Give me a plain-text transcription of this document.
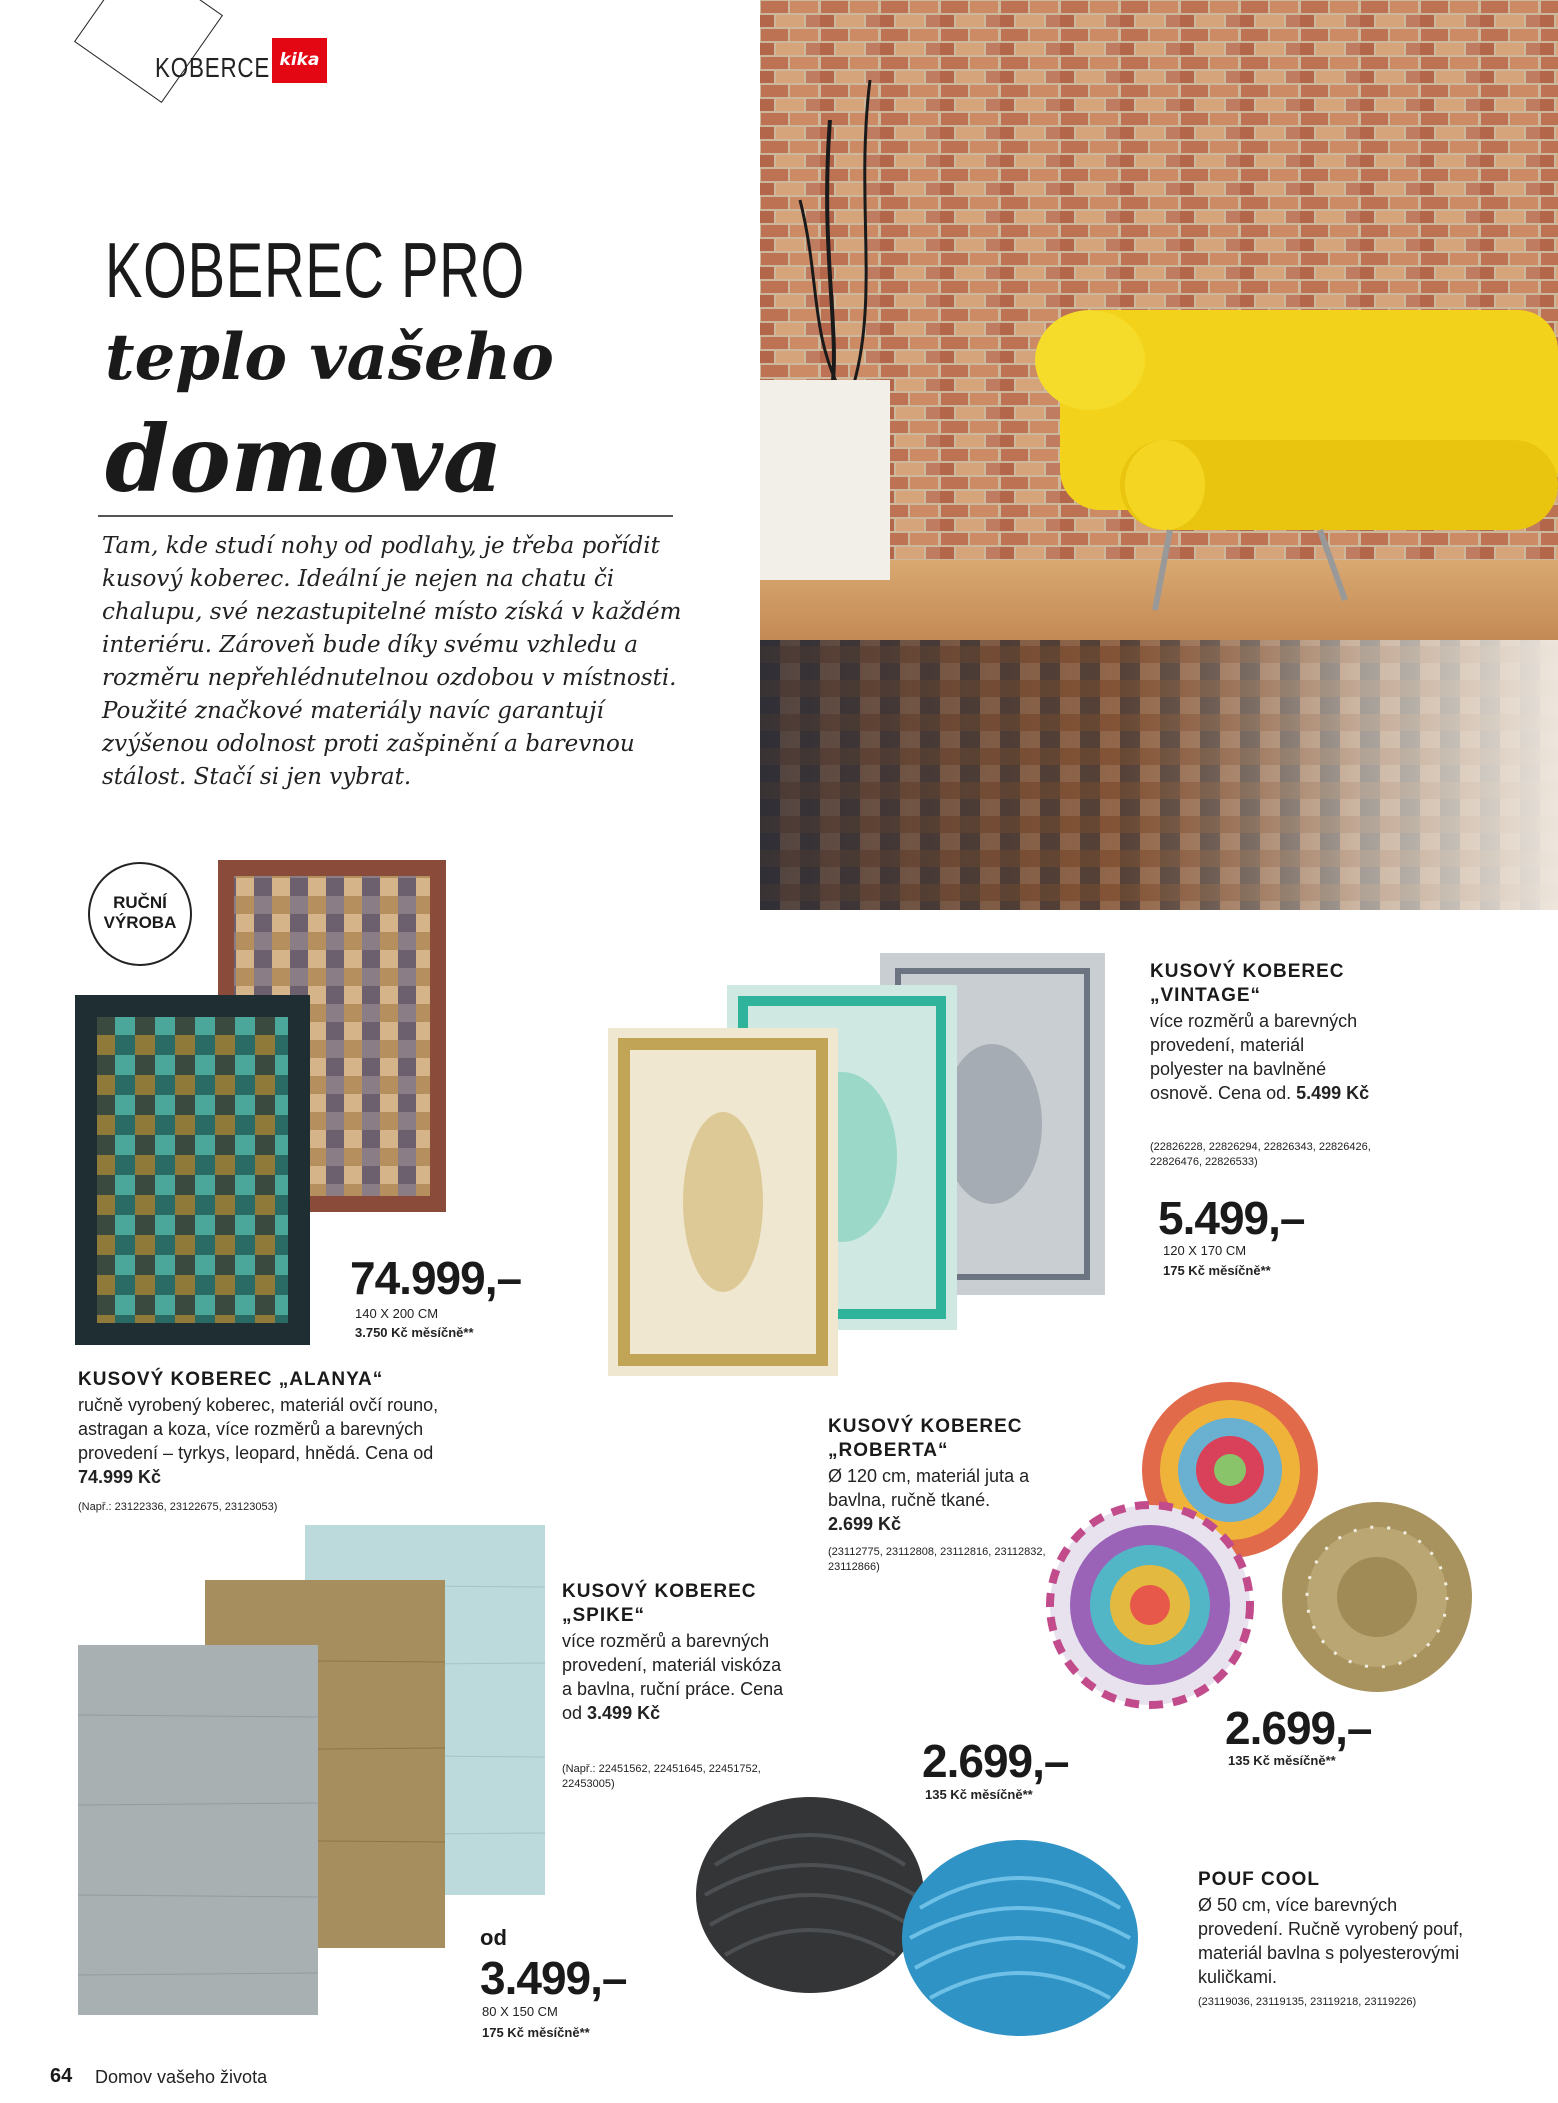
KOBERCE kika
KOBEREC PRO
teplo vašeho
domova
Tam, kde studí nohy od podlahy, je třeba pořídit kusový koberec. Ideální je nejen na chatu či chalupu, své nezastupitelné místo získá v každém interiéru. Zároveň bude díky svému vzhledu a rozměru nepřehlédnutelnou ozdobou v místnosti. Použité značkové materiály navíc garantují zvýšenou odolnost proti zašpinění a barevnou stálost. Stačí si jen vybrat.
RUČNÍ
VÝROBA
74.999,–
140 X 200 CM
3.750 Kč měsíčně**
KUSOVÝ KOBEREC „ALANYA“
ručně vyrobený koberec, materiál ovčí rouno, astragan a koza, více rozměrů a barevných provedení – tyrkys, leopard, hnědá. Cena od 74.999 Kč
(Např.: 23122336, 23122675, 23123053)
KUSOVÝ KOBEREC
„VINTAGE“
více rozměrů a barevných provedení, materiál polyester na bavlněné osnově. Cena od. 5.499 Kč
(22826228, 22826294, 22826343, 22826426, 22826476, 22826533)
5.499,–
120 X 170 CM
175 Kč měsíčně**
KUSOVÝ KOBEREC
„ROBERTA“
Ø 120 cm, materiál juta a bavlna, ručně tkané. 2.699 Kč
(23112775, 23112808, 23112816, 23112832, 23112866)
2.699,–
135 Kč měsíčně**
KUSOVÝ KOBEREC
„SPIKE“
více rozměrů a barevných provedení, materiál viskóza a bavlna, ruční práce. Cena od 3.499 Kč
(Např.: 22451562, 22451645, 22451752, 22453005)
od
3.499,–
80 X 150 CM
175 Kč měsíčně**
2.699,–
135 Kč měsíčně**
POUF COOL
Ø 50 cm, více barevných provedení. Ručně vyrobený pouf, materiál bavlna s polyesterovými kuličkami.
(23119036, 23119135, 23119218, 23119226)
64 Domov vašeho života
